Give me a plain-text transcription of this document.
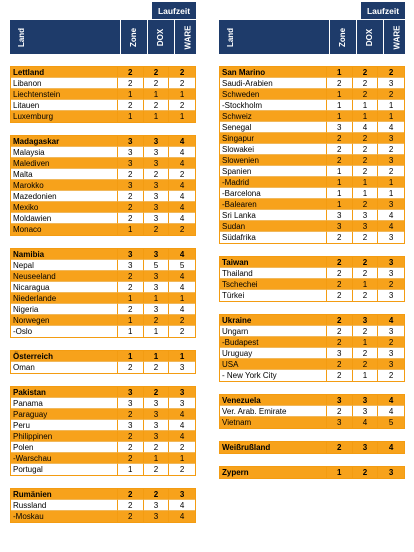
Laufzeit
Land	Zone DOX WARE
Lettland	2	2	2
Libanon	2	2	2
Liechtenstein	1	1	1
Litauen	2	2	2
Luxemburg	1	1	1
Madagaskar	3	3	4
Malaysia	3	3	4
Malediven	3	3	4
Malta	2	2	2
Marokko	3	3	4
Mazedonien	2	3	4
Mexiko	2	3	4
Moldawien	2	3	4
Monaco	1	2	2
Namibia	3	3	4
Nepal	3	5	5
Neuseeland	2	3	4
Nicaragua	2	3	4
Niederlande	1	1	1
Nigeria	2	3	4
Norwegen	1	2	2
-Oslo	1	1	2
Österreich	1	1	1
Oman	2	2	3
Pakistan	3	2	3
Panama	3	3	3
Paraguay	2	3	4
Peru	3	3	4
Philippinen	2	3	4
Polen	2	2	2
-Warschau	2	1	1
Portugal	1	2	2
Rumänien	2	2	3
Russland	2	3	4
-Moskau	2	3	4
Laufzeit
Land	Zone DOX WARE
San Marino	1	2	2
Saudi-Arabien	2	2	3
Schweden	1	2	2
-Stockholm	1	1	1
Schweiz	1	1	1
Senegal	3	4	4
Singapur	2	2	3
Slowakei	2	2	2
Slowenien	2	2	3
Spanien	1	2	2
-Madrid	1	1	1
-Barcelona	1	1	1
-Balearen	1	2	3
Sri Lanka	3	3	4
Sudan	3	3	4
Südafrika	2	2	3
Taiwan	2	2	3
Thailand	2	2	3
Tschechei	2	1	2
Türkei	2	2	3
Ukraine	2	3	4
Ungarn	2	2	3
-Budapest	2	1	2
Uruguay	3	2	3
USA	2	2	3
- New York City	2	1	2
Venezuela	3	3	4
Ver. Arab. Emirate	2	3	4
Vietnam	3	4	5
Weißrußland	2	3	4
Zypern	1	2	3
